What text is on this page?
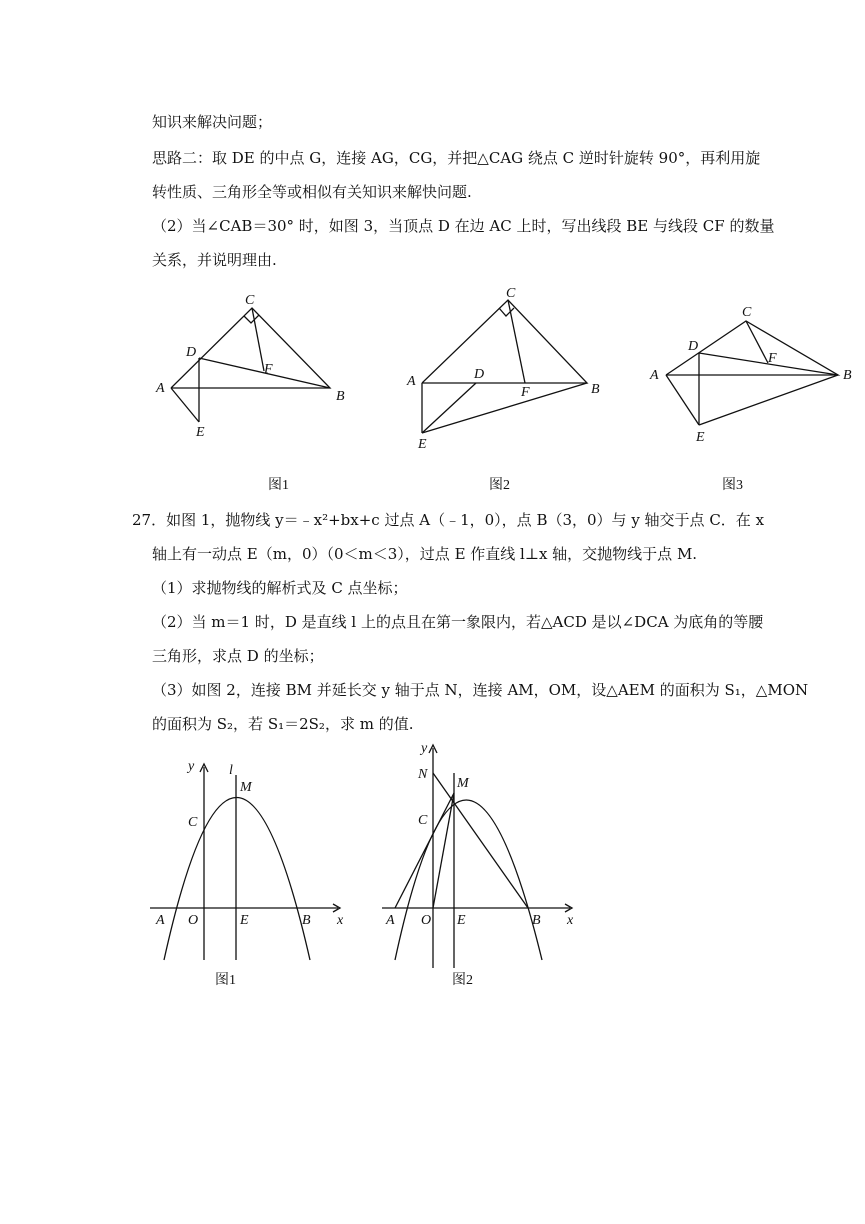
知识来解决问题；
思路二：取 DE 的中点 G，连接 AG，CG，并把△CAG 绕点 C 逆时针旋转 90°，再利用旋
转性质、三角形全等或相似有关知识来解快问题.
（2）当∠CAB＝30° 时，如图 3，当顶点 D 在边 AC 上时，写出线段 BE 与线段 CF 的数量
关系，并说明理由.
27．如图 1，抛物线 y＝﹣x²+bx+c 过点 A（﹣1，0），点 B（3，0）与 y 轴交于点 C．在 x
轴上有一动点 E（m，0）（0＜m＜3），过点 E 作直线 l⊥x 轴，交抛物线于点 M.
（1）求抛物线的解析式及 C 点坐标；
（2）当 m＝1 时，D 是直线 l 上的点且在第一象限内，若△ACD 是以∠DCA 为底角的等腰
三角形，求点 D 的坐标；
（3）如图 2，连接 BM 并延长交 y 轴于点 N，连接 AM，OM，设△AEM 的面积为 S₁，△MON
的面积为 S₂，若 S₁＝2S₂，求 m 的值.
C
D
F
A
B
E
图1
C
A	D
F	B
E
图2
C
D
F
A	B
E
图3
y l
M
C
A O	E	B x
图1
y
N
M
C
A O E	B x
图2
